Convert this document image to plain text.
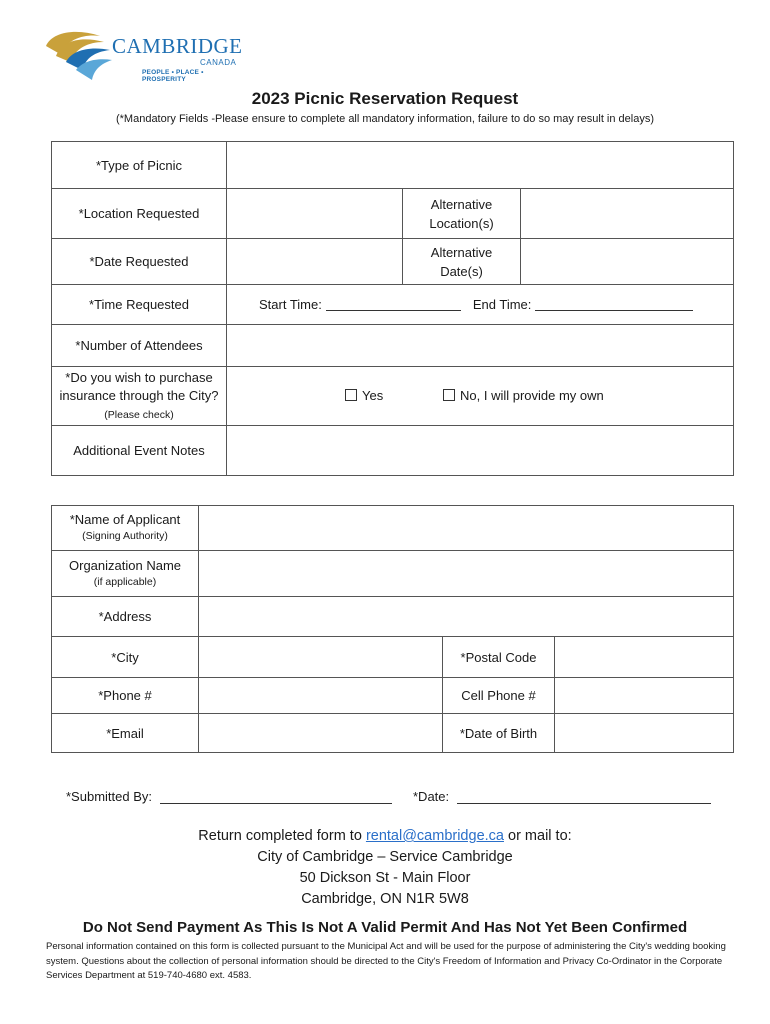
CAMBRIDGE
CANADA
PEOPLE • PLACE • PROSPERITY
2023 Picnic Reservation Request
(*Mandatory Fields -Please ensure to complete all mandatory information, failure to do so may result in delays)
*Type of Picnic			
*Location Requested		Alternative Location(s)	
*Date Requested		Alternative Date(s)	
*Time Requested	Start Time: End Time:		

*Number of Attendees			
*Do you wish to purchase insurance through the City? (Please check)	Yes No, I will provide my own		

Additional Event Notes			
*Name of Applicant
(Signing Authority)			

Organization Name
(if applicable)			

*Address			
*City		*Postal Code	
*Phone #		Cell Phone #	
*Email		*Date of Birth	
*Submitted By:	*Date:
Return completed form to rental@cambridge.ca or mail to:
City of Cambridge – Service Cambridge
50 Dickson St - Main Floor
Cambridge, ON N1R 5W8
Do Not Send Payment As This Is Not A Valid Permit And Has Not Yet Been Confirmed
Personal information contained on this form is collected pursuant to the Municipal Act and will be used for the purpose of administering the City's wedding booking system. Questions about the collection of personal information should be directed to the City's Freedom of Information and Privacy Co-Ordinator in the Corporate Services Department at 519-740-4680 ext. 4583.
